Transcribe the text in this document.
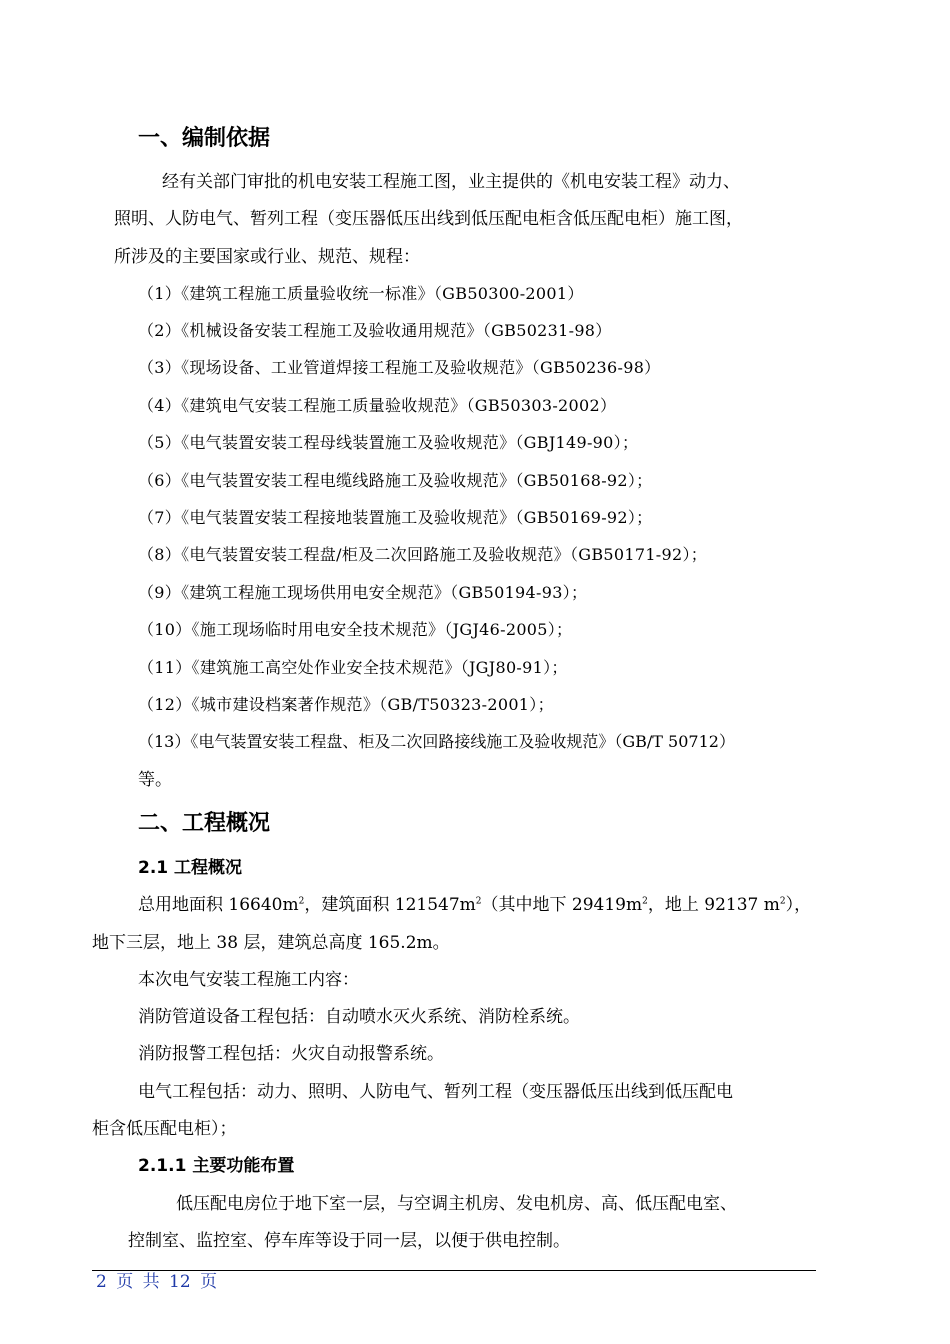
一、编制依据
经有关部门审批的机电安装工程施工图，业主提供的《机电安装工程》动力、
照明、人防电气、暂列工程（变压器低压出线到低压配电柜含低压配电柜）施工图，
所涉及的主要国家或行业、规范、规程：
（1）《建筑工程施工质量验收统一标准》（GB50300-2001）
（2）《机械设备安装工程施工及验收通用规范》（GB50231-98）
（3）《现场设备、工业管道焊接工程施工及验收规范》（GB50236-98）
（4）《建筑电气安装工程施工质量验收规范》（GB50303-2002）
（5）《电气装置安装工程母线装置施工及验收规范》（GBJ149-90）；
（6）《电气装置安装工程电缆线路施工及验收规范》（GB50168-92）；
（7）《电气装置安装工程接地装置施工及验收规范》（GB50169-92）；
（8）《电气装置安装工程盘/柜及二次回路施工及验收规范》（GB50171-92）；
（9）《建筑工程施工现场供用电安全规范》（GB50194-93）；
（10）《施工现场临时用电安全技术规范》（JGJ46-2005）；
（11）《建筑施工高空处作业安全技术规范》（JGJ80-91）；
（12）《城市建设档案著作规范》（GB/T50323-2001）；
（13）《电气装置安装工程盘、柜及二次回路接线施工及验收规范》（GB/T 50712）
等。
二、工程概况
2.1 工程概况
总用地面积 $16640m^2$，建筑面积 $121547m^2$（其中地下 $29419m^2$，地上 92137 $m^2$），
地下三层，地上 38 层，建筑总高度 165.2m。
本次电气安装工程施工内容：
消防管道设备工程包括：自动喷水灭火系统、消防栓系统。
消防报警工程包括：火灾自动报警系统。
电气工程包括：动力、照明、人防电气、暂列工程（变压器低压出线到低压配电
柜含低压配电柜）；
2.1.1 主要功能布置
低压配电房位于地下室一层，与空调主机房、发电机房、高、低压配电室、
控制室、监控室、停车库等设于同一层，以便于供电控制。
2 页 共 12 页
